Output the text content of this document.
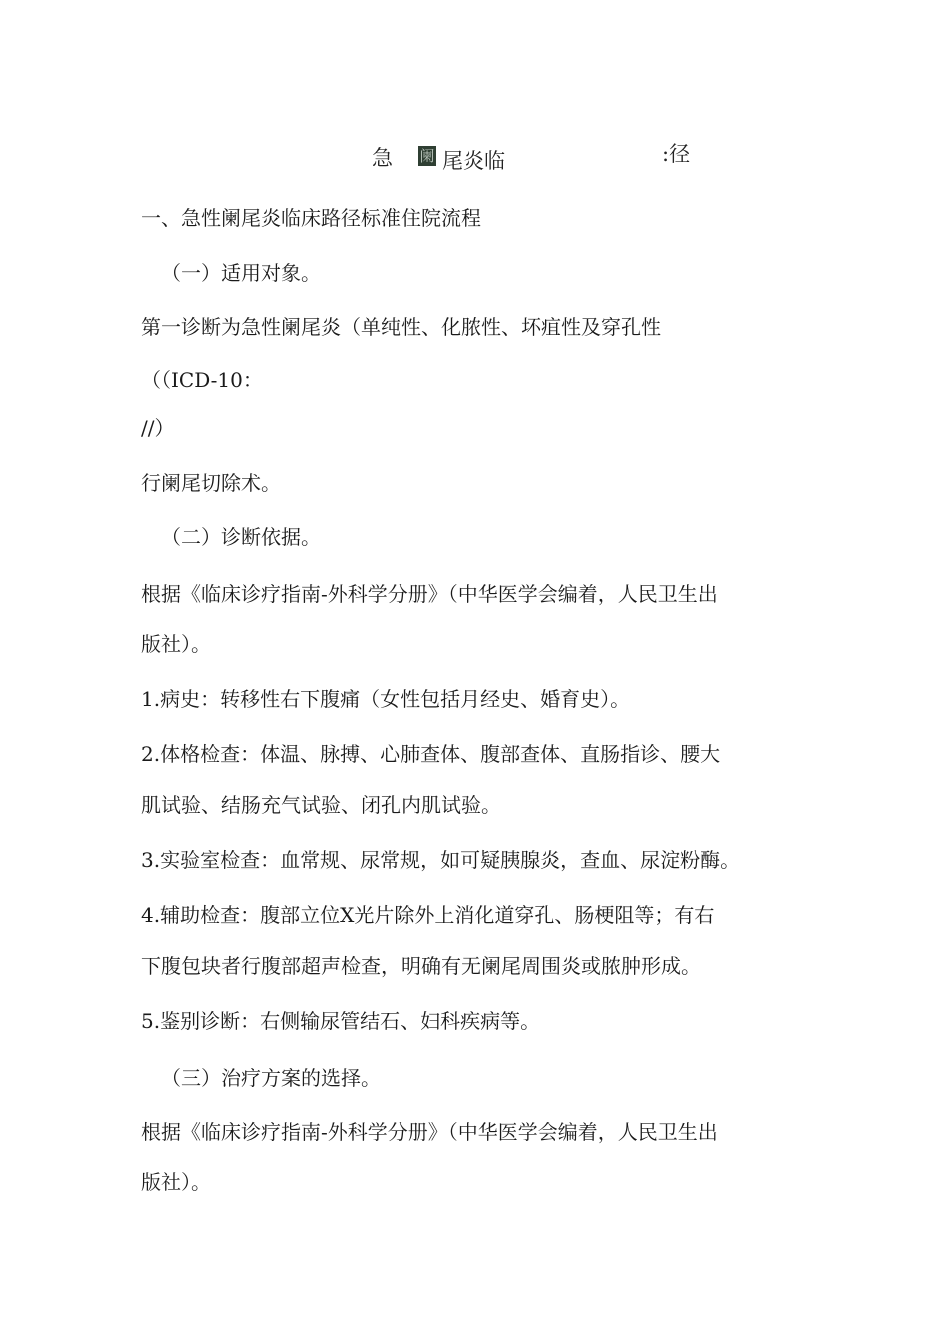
急 阑 尾炎临	:径
一、急性阑尾炎临床路径标准住院流程
（一）适用对象。
第一诊断为急性阑尾炎（单纯性、化脓性、坏疽性及穿孔性
（（ICD-10：
//）
行阑尾切除术。
（二）诊断依据。
根据《临床诊疗指南-外科学分册》（中华医学会编着，人民卫生出
版社）。
1.病史：转移性右下腹痛（女性包括月经史、婚育史）。
2.体格检查：体温、脉搏、心肺查体、腹部查体、直肠指诊、腰大
肌试验、结肠充气试验、闭孔内肌试验。
3.实验室检查：血常规、尿常规，如可疑胰腺炎，查血、尿淀粉酶。
4.辅助检查：腹部立位X光片除外上消化道穿孔、肠梗阻等；有右
下腹包块者行腹部超声检查，明确有无阑尾周围炎或脓肿形成。
5.鉴别诊断：右侧输尿管结石、妇科疾病等。
（三）治疗方案的选择。
根据《临床诊疗指南-外科学分册》（中华医学会编着，人民卫生出
版社）。
